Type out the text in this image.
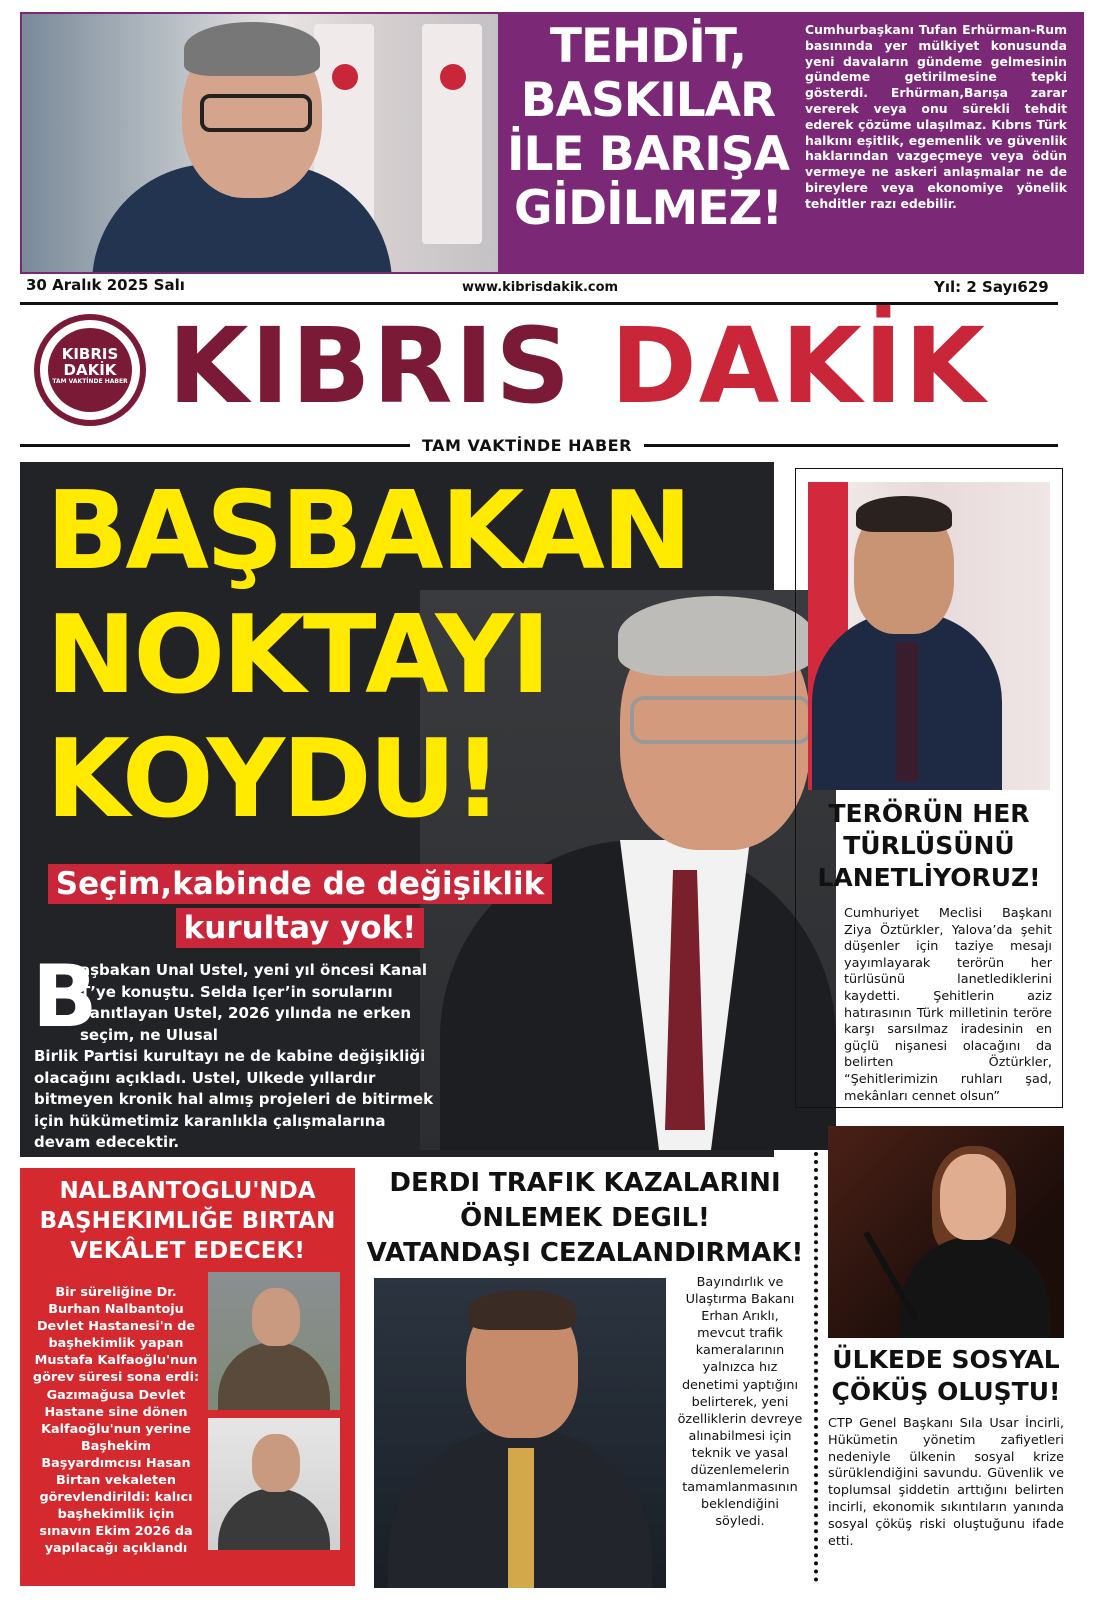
TEHDİT,
BASKILAR
İLE BARIŞA
GİDİLMEZ!
Cumhurbaşkanı Tufan Erhürman-Rum basınında yer mülkiyet konusunda yeni davaların gündeme gelmesinin gündeme getirilmesine tepki gösterdi. Erhürman,Barışa zarar vererek veya onu sürekli tehdit ederek çözüme ulaşılmaz. Kıbrıs Türk halkını eşitlik, egemenlik ve güvenlik haklarından vazgeçmeye veya ödün vermeye ne askeri anlaşmalar ne de bireylere veya ekonomiye yönelik tehditler razı edebilir.
30 Aralık 2025 Salı	www.kibrisdakik.com	Yıl: 2 Sayı629
KIBRIS
DAKİK
TAM VAKTİNDE HABER KIBRIS DAKİK
TAM VAKTİNDE HABER
BAŞBAKAN
NOKTAYI
KOYDU!
Seçim,kabinde de değişiklik
kurultay yok!
B
aşbakan Unal Ustel, yeni yıl öncesi Kanal T’ye konuştu. Selda Içer’in sorularını yanıtlayan Ustel, 2026 yılında ne erken seçim, ne Ulusal
Birlik Partisi kurultayı ne de kabine değişikliği olacağını açıkladı. Ustel, Ulkede yıllardır bitmeyen kronik hal almış projeleri de bitirmek için hükümetimiz karanlıkla çalışmalarına devam edecektir.
TERÖRÜN HER
TÜRLÜSÜNÜ
LANETLİYORUZ!
Cumhuriyet Meclisi Başkanı Ziya Öztürkler, Yalova’da şehit düşenler için taziye mesajı yayımlayarak terörün her türlüsünü lanetlediklerini kaydetti. Şehitlerin aziz hatırasının Türk milletinin teröre karşı sarsılmaz iradesinin en güçlü nişanesi olacağını da belirten Öztürkler, “Şehitlerimizin ruhları şad, mekânları cennet olsun”
NALBANTOGLU'NDA
BAŞHEKIMLIĞE BIRTAN
VEKÂLET EDECEK!
Bir süreliğine Dr. Burhan Nalbantoju Devlet Hastanesi'n de başhekimlik yapan Mustafa Kalfaoğlu'nun görev süresi sona erdi: Gazımağusa Devlet Hastane sine dönen Kalfaoğlu'nun yerine Başhekim Başyardımcısı Hasan Birtan vekaleten görevlendirildi: kalıcı başhekimlik için sınavın Ekim 2026 da yapılacağı açıklandı
DERDI TRAFIK KAZALARINI
ÖNLEMEK DEGIL!
VATANDAŞI CEZALANDIRMAK!
Bayındırlık ve Ulaştırma Bakanı Erhan Arıklı, mevcut trafik kameralarının yalnızca hız denetimi yaptığını belirterek, yeni özelliklerin devreye alınabilmesi için teknik ve yasal düzenlemelerin tamamlanmasının beklendiğini söyledi.
ÜLKEDE SOSYAL
ÇÖKÜŞ OLUŞTU!
CTP Genel Başkanı Sıla Usar İncirli, Hükümetin yönetim zafiyetleri nedeniyle ülkenin sosyal krize sürüklendiğini savundu. Güvenlik ve toplumsal şiddetin arttığını belirten incirli, ekonomik sıkıntıların yanında sosyal çöküş riski oluştuğunu ifade etti.
